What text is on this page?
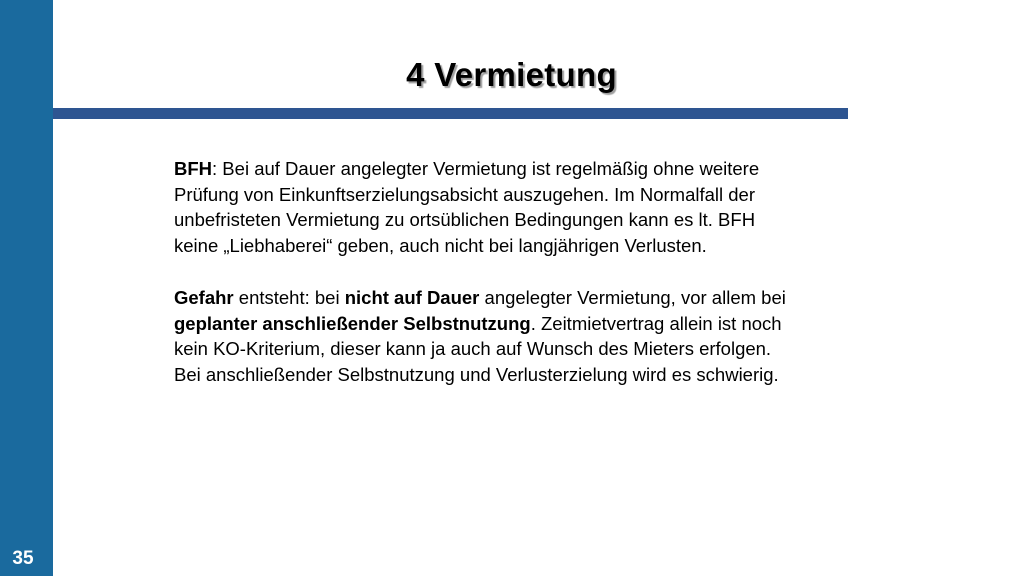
35
4 Vermietung

BFH: Bei auf Dauer angelegter Vermietung ist regelmäßig ohne weitere Prüfung von Einkunftserzielungsabsicht auszugehen. Im Normalfall der unbefristeten Vermietung zu ortsüblichen Bedingungen kann es lt. BFH keine „Liebhaberei“ geben, auch nicht bei langjährigen Verlusten.

Gefahr entsteht: bei nicht auf Dauer angelegter Vermietung, vor allem bei geplanter anschließender Selbstnutzung. Zeitmietvertrag allein ist noch kein KO-Kriterium, dieser kann ja auch auf Wunsch des Mieters erfolgen. Bei anschließender Selbstnutzung und Verlusterzielung wird es schwierig.
